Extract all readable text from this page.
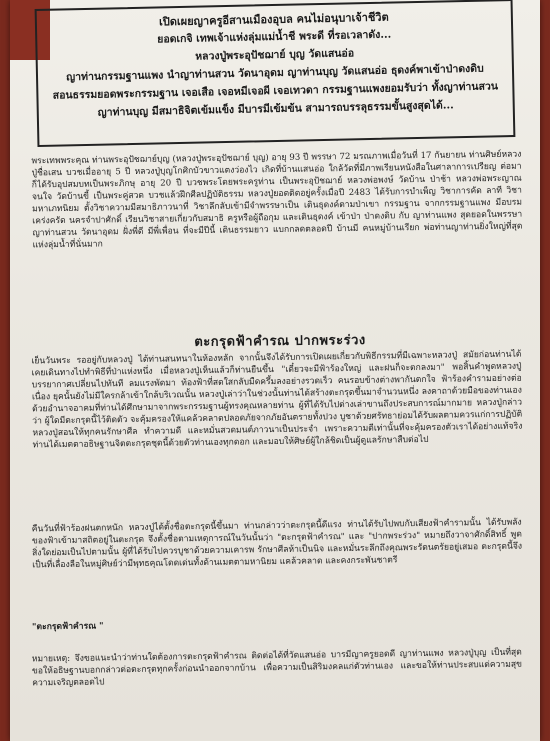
เปิดเผยญาครูอีสานเมืองอุบล คนไม่อนุบาเจ้าชีวิต

ยอดเกจิ เทพเจ้าแห่งลุ่มแม่น้ำชี พระดี ที่รอเวลาดัง...

หลวงปู่พระอุปัชฌาย์ บุญ วัดแสนอ่อ

ญาท่านกรรมฐานแพง นำญาท่านสวน วัดนาอุดม ญาท่านบุญ วัดแสนอ่อ ธุดงค์พาเข้าป่าดงดิบ

สอนธรรมยอดพระกรรมฐาน เจอเสือ เจอหมีเจอผี เจอเทวดา กรรมฐานแพงยอมรับว่า ทั้งญาท่านสวน

ญาท่านบุญ มีสมาธิจิตเข้มแข็ง มีบารมีเข้มข้น สามารถบรรลุธรรมขั้นสูงสุดได้...

พระเทพพระคุณ ท่านพระอุปัชฌาย์บุญ (หลวงปู่พระอุปัชฌาย์ บุญ) อายุ 93 ปี พรรษา 72 มรณภาพเมื่อวันที่ 17 กันยายน ท่านศิษย์หลวงปู่ชื่อเสน บวชเมื่ออายุ 5 ปี หลวงปู่บุญโกศิกบัวขาวแตงว่องไว เกิดที่บ้านแสนอ่อ ใกล้วัดที่มีภาพเรียนหนังสือในศาลาการเปรียญ ต่อมาก็ได้รับอุปสมบทเป็นพระภิกษุ อายุ 20 ปี บวชพระโดยพระครูท่าน เป็นพระอุปัชฌาย์ หลวงพ่อพงษ์ วัดบ้าน ป่าช้า หลวงพ่อพระญาณ จนใจ วัดบ้านขี้ เป็นพระคู่สวด บวชแล้วฝึกศีลปฏิบัติธรรม หลวงปู่ยอดติดอยู่ครั้งเมื่อปี 2483 ได้รับการบำเพ็ญ วิชาการคัด ลาที วิชามหาเภทนิยม ตั้งวิชาความมีสมาธิภาวนาที่ วิชาลึกลับเข้ามีจำพรรษาเป็น เดินธุดงค์ตามป่าเขา กรรมฐาน จากกรรมฐานแพง มีอบรมเคร่งครัด นครจำปาศักดิ์ เรียนวิชาสายเกี่ยวกับสมาธิ ครูหรือผู้ถือกุม และเดินธุดงค์ เข้าป่า ป่าดงดิบ กับ ญาท่านแพง สุดยอดในพรรษา ญาท่านสวน วัดนาอุดม ฝั่งพี่ดี มีพี่เพื่อน ที่จะมีปีนี้ เดินธรรมยาว แบกกลดตลอดปี บ้านมี คนหมู่บ้านเรียก พ่อท่านญาท่านยิ่งใหญ่ที่สุดแห่งลุ่มน้ำที่นั่นมาก

ตะกรุดฟ้าคำรณ ปากพระร่วง

เย็นวันพระ รออยู่กับหลวงปู่ ได้ท่านสนทนาในห้องหลัก จากนั้นจึงได้รับการเปิดเผยเกี่ยวกับพิธีกรรมที่มีเฉพาะหลวงปู่ สมัยก่อนท่านได้เคยเดินทางไปทำพิธีที่ป่าแห่งหนึ่ง เมื่อหลวงปู่เห็นแล้วก็ท่านยืนขึ้น "เดี๋ยวจะมีฟ้าร้องใหญ่ และฝนก็จะตกลงมา" พอสิ้นคำพูดหลวงปู่ บรรยากาศเปลี่ยนไปทันที ลมแรงพัดมา ท้องฟ้าที่สดใสกลับมืดครึ้มลงอย่างรวดเร็ว คนรอบข้างต่างพากันตกใจ ฟ้าร้องคำรามอย่างต่อเนื่อง ยุคนั้นยังไม่มีใครกล้าเข้าใกล้บริเวณนั้น หลวงปู่เล่าว่าในช่วงนั้นท่านได้สร้างตะกรุดขึ้นมาจำนวนหนึ่ง ลงคาถาด้วยมือของท่านเอง ด้วยอำนาจอาคมที่ท่านได้ศึกษามาจากพระกรรมฐานผู้ทรงคุณหลายท่าน ผู้ที่ได้รับไปต่างเล่าขานถึงประสบการณ์มากมาย หลวงปู่กล่าวว่า ผู้ใดมีตะกรุดนี้ไว้ติดตัว จะคุ้มครองให้แคล้วคลาดปลอดภัยจากภัยอันตรายทั้งปวง บูชาด้วยศรัทธาย่อมได้รับผลตามควรแก่การปฏิบัติ หลวงปู่สอนให้ทุกคนรักษาศีล ทำความดี และหมั่นสวดมนต์ภาวนาเป็นประจำ เพราะความดีเท่านั้นที่จะคุ้มครองตัวเราได้อย่างแท้จริง ท่านได้เมตตาอธิษฐานจิตตะกรุดชุดนี้ด้วยตัวท่านเองทุกดอก และมอบให้ศิษย์ผู้ใกล้ชิดเป็นผู้ดูแลรักษาสืบต่อไป

คืนวันที่ฟ้าร้องฝนตกหนัก หลวงปู่ได้ตั้งชื่อตะกรุดนี้ขึ้นมา ท่านกล่าวว่าตะกรุดนี้ดีแรง ท่านได้รับไปพบกับเสียงฟ้าคำรามนั้น ได้รับพลังของฟ้าเข้ามาสถิตอยู่ในตะกรุด จึงตั้งชื่อตามเหตุการณ์ในวันนั้นว่า "ตะกรุดฟ้าคำรณ" และ "ปากพระร่วง" หมายถึงวาจาศักดิ์สิทธิ์ พูดสิ่งใดย่อมเป็นไปตามนั้น ผู้ที่ได้รับไปควรบูชาด้วยความเคารพ รักษาศีลห้าเป็นนิจ และหมั่นระลึกถึงคุณพระรัตนตรัยอยู่เสมอ ตะกรุดนี้จึงเป็นที่เลื่องลือในหมู่ศิษย์ว่ามีพุทธคุณโดดเด่นทั้งด้านเมตตามหานิยม แคล้วคลาด และคงกระพันชาตรี

"ตะกรุดฟ้าคำรณ "

หมายเหตุ: จึงขอแนะนำว่าท่านใดต้องการตะกรุดฟ้าคำรณ ติดต่อได้ที่วัดแสนอ่อ บารมีญาครูยอดดี ญาท่านแพง หลวงปู่บุญ เป็นที่สุด ขอให้อธิษฐานบอกกล่าวต่อตะกรุดทุกครั้งก่อนนำออกจากบ้าน เพื่อความเป็นสิริมงคลแก่ตัวท่านเอง และขอให้ท่านประสบแต่ความสุขความเจริญตลอดไป
